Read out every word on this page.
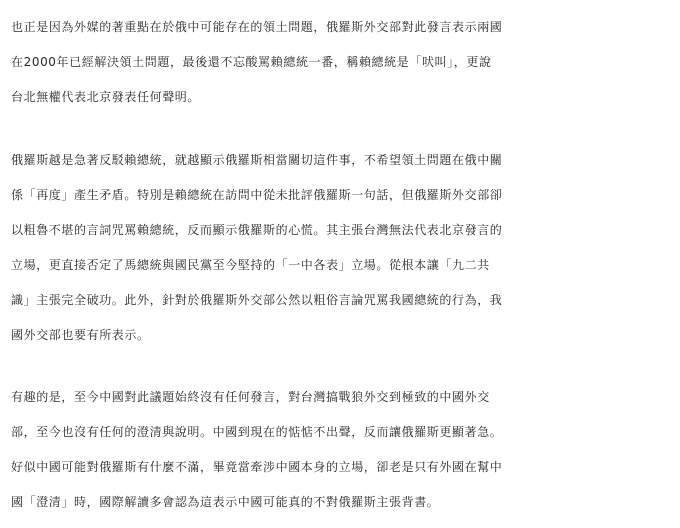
也正是因為外媒的著重點在於俄中可能存在的領土問題，俄羅斯外交部對此發言表示兩國
在2000年已經解決領土問題，最後還不忘酸罵賴總統一番，稱賴總統是「吠叫」，更說
台北無權代表北京發表任何聲明。
俄羅斯越是急著反駁賴總統，就越顯示俄羅斯相當關切這件事，不希望領土問題在俄中關
係「再度」產生矛盾。特別是賴總統在訪問中從未批評俄羅斯一句話，但俄羅斯外交部卻
以粗魯不堪的言詞咒罵賴總統，反而顯示俄羅斯的心慌。其主張台灣無法代表北京發言的
立場，更直接否定了馬總統與國民黨至今堅持的「一中各表」立場。從根本讓「九二共
識」主張完全破功。此外，針對於俄羅斯外交部公然以粗俗言論咒罵我國總統的行為，我
國外交部也要有所表示。
有趣的是，至今中國對此議題始終沒有任何發言，對台灣搞戰狼外交到極致的中國外交
部，至今也沒有任何的澄清與說明。中國到現在的惦惦不出聲，反而讓俄羅斯更顯著急。
好似中國可能對俄羅斯有什麼不滿，畢竟當牽涉中國本身的立場，卻老是只有外國在幫中
國「澄清」時，國際解讀多會認為這表示中國可能真的不對俄羅斯主張背書。
